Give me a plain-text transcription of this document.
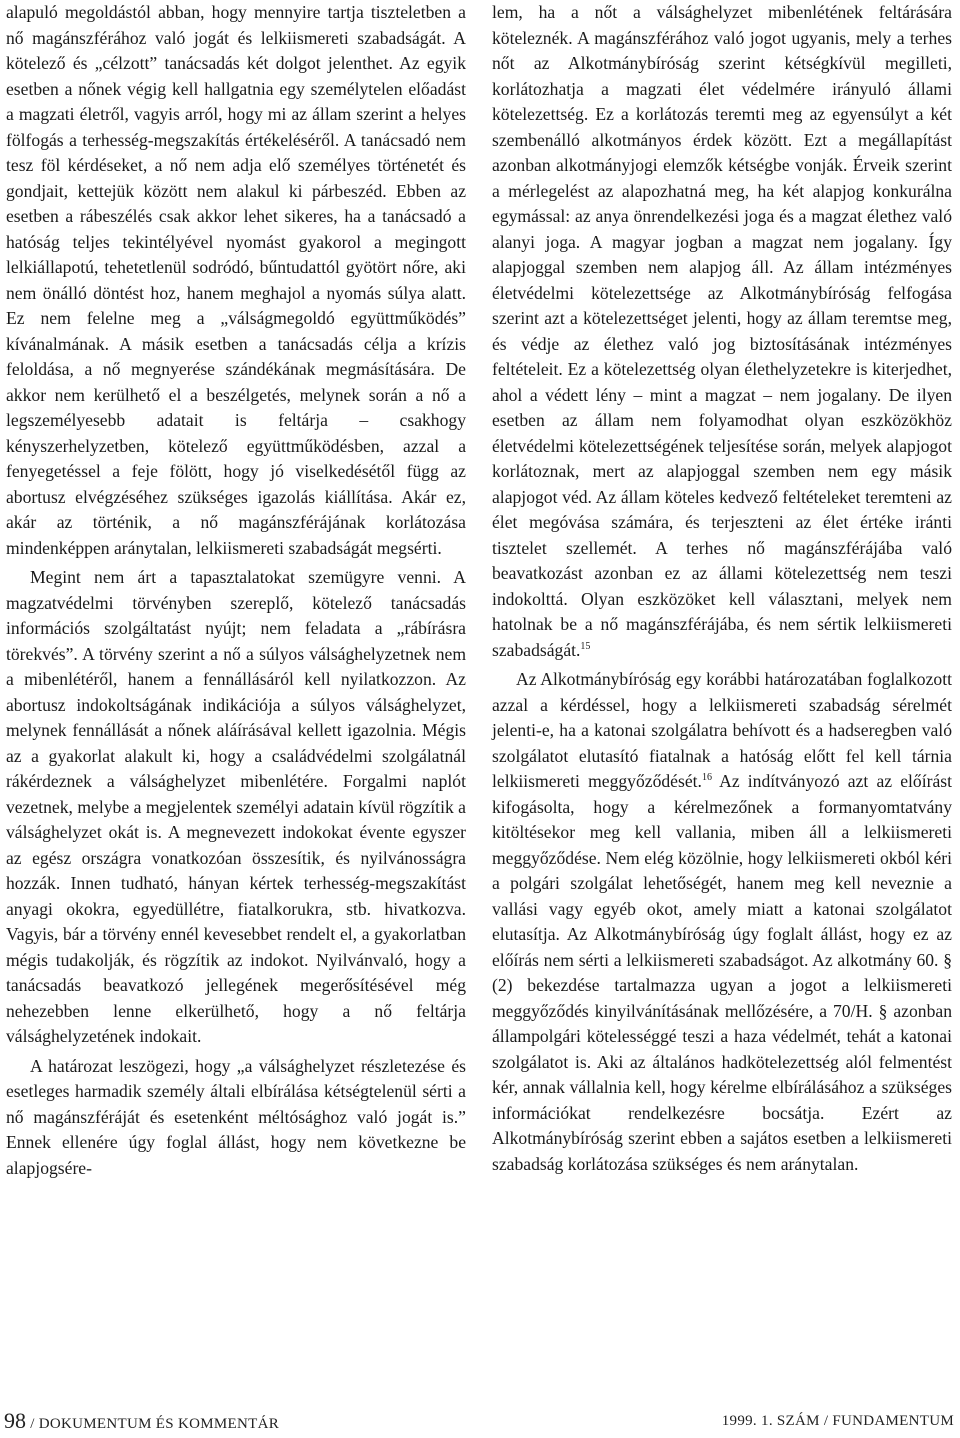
alapuló megoldástól abban, hogy mennyire tartja tiszteletben a nő magánszférához való jogát és lelkiismereti szabadságát. A kötelező és „célzott” tanácsadás két dolgot jelenthet. Az egyik esetben a nőnek végig kell hallgatnia egy személytelen előadást a magzati életről, vagyis arról, hogy mi az állam szerint a helyes fölfogás a terhesség-megszakítás értékeléséről. A tanácsadó nem tesz föl kérdéseket, a nő nem adja elő személyes történetét és gondjait, kettejük között nem alakul ki párbeszéd. Ebben az esetben a rábeszélés csak akkor lehet sikeres, ha a tanácsadó a hatóság teljes tekintélyével nyomást gyakorol a megingott lelkiállapotú, tehetetlenül sodródó, bűntudattól gyötört nőre, aki nem önálló döntést hoz, hanem meghajol a nyomás súlya alatt. Ez nem felelne meg a „válságmegoldó együttműködés” kívánalmának. A másik esetben a tanácsadás célja a krízis feloldása, a nő megnyerése szándékának megmásítására. De akkor nem kerülhető el a beszélgetés, melynek során a nő a legszemélyesebb adatait is feltárja – csakhogy kényszerhelyzetben, kötelező együttműködésben, azzal a fenyegetéssel a feje fölött, hogy jó viselkedésétől függ az abortusz elvégzéséhez szükséges igazolás kiállítása. Akár ez, akár az történik, a nő magánszférájának korlátozása mindenképpen aránytalan, lelkiismereti szabadságát megsérti.

Megint nem árt a tapasztalatokat szemügyre venni. A magzatvédelmi törvényben szereplő, kötelező tanácsadás információs szolgáltatást nyújt; nem feladata a „rábírásra törekvés”. A törvény szerint a nő a súlyos válsághelyzetnek nem a mibenlétéről, hanem a fennállásáról kell nyilatkozzon. Az abortusz indokoltságának indikációja a súlyos válsághelyzet, melynek fennállását a nőnek aláírásával kellett igazolnia. Mégis az a gyakorlat alakult ki, hogy a családvédelmi szolgálatnál rákérdeznek a válsághelyzet mibenlétére. Forgalmi naplót vezetnek, melybe a megjelentek személyi adatain kívül rögzítik a válsághelyzet okát is. A megnevezett indokokat évente egyszer az egész országra vonatkozóan összesítik, és nyilvánosságra hozzák. Innen tudható, hányan kértek terhesség-megszakítást anyagi okokra, egyedüllétre, fiatalkorukra, stb. hivatkozva. Vagyis, bár a törvény ennél kevesebbet rendelt el, a gyakorlatban mégis tudakolják, és rögzítik az indokot. Nyilvánvaló, hogy a tanácsadás beavatkozó jellegének megerősítésével még nehezebben lenne elkerülhető, hogy a nő feltárja válsághelyzetének indokait.

A határozat leszögezi, hogy „a válsághelyzet részletezése és esetleges harmadik személy általi elbírálása kétségtelenül sérti a nő magánszféráját és esetenként méltósághoz való jogát is.” Ennek ellenére úgy foglal állást, hogy nem következne be alapjogsére-

lem, ha a nőt a válsághelyzet mibenlétének feltárására köteleznék. A magánszférához való jogot ugyanis, mely a terhes nőt az Alkotmánybíróság szerint kétségkívül megilleti, korlátozhatja a magzati élet védelmére irányuló állami kötelezettség. Ez a korlátozás teremti meg az egyensúlyt a két szembenálló alkotmányos érdek között. Ezt a megállapítást azonban alkotmányjogi elemzők kétségbe vonják. Érveik szerint a mérlegelést az alapozhatná meg, ha két alapjog konkurálna egymással: az anya önrendelkezési joga és a magzat élethez való alanyi joga. A magyar jogban a magzat nem jogalany. Így alapjoggal szemben nem alapjog áll. Az állam intézményes életvédelmi kötelezettsége az Alkotmánybíróság felfogása szerint azt a kötelezettséget jelenti, hogy az állam teremtse meg, és védje az élethez való jog biztosításának intézményes feltételeit. Ez a kötelezettség olyan élethelyzetekre is kiterjedhet, ahol a védett lény – mint a magzat – nem jogalany. De ilyen esetben az állam nem folyamodhat olyan eszközökhöz életvédelmi kötelezettségének teljesítése során, melyek alapjogot korlátoznak, mert az alapjoggal szemben nem egy másik alapjogot véd. Az állam köteles kedvező feltételeket teremteni az élet megóvása számára, és terjeszteni az élet értéke iránti tisztelet szellemét. A terhes nő magánszférájába való beavatkozást azonban ez az állami kötelezettség nem teszi indokolttá. Olyan eszközöket kell választani, melyek nem hatolnak be a nő magánszférájába, és nem sértik lelkiismereti szabadságát.$^{15}$

Az Alkotmánybíróság egy korábbi határozatában foglalkozott azzal a kérdéssel, hogy a lelkiismereti szabadság sérelmét jelenti-e, ha a katonai szolgálatra behívott és a hadseregben való szolgálatot elutasító fiatalnak a hatóság előtt fel kell tárnia lelkiismereti meggyőződését.$^{16}$ Az indítványozó azt az előírást kifogásolta, hogy a kérelmezőnek a formanyomtatvány kitöltésekor meg kell vallania, miben áll a lelkiismereti meggyőződése. Nem elég közölnie, hogy lelkiismereti okból kéri a polgári szolgálat lehetőségét, hanem meg kell neveznie a vallási vagy egyéb okot, amely miatt a katonai szolgálatot elutasítja. Az Alkotmánybíróság úgy foglalt állást, hogy ez az előírás nem sérti a lelkiismereti szabadságot. Az alkotmány 60. § (2) bekezdése tartalmazza ugyan a jogot a lelkiismereti meggyőződés kinyilvánításának mellőzésére, a 70/H. § azonban állampolgári kötelességgé teszi a haza védelmét, tehát a katonai szolgálatot is. Aki az általános hadkötelezettség alól felmentést kér, annak vállalnia kell, hogy kérelme elbírálásához a szükséges információkat rendelkezésre bocsátja. Ezért az Alkotmánybíróság szerint ebben a sajátos esetben a lelkiismereti szabadság korlátozása szükséges és nem aránytalan.

98 / DOKUMENTUM ÉS KOMMENTÁR	1999. 1. SZÁM / FUNDAMENTUM
